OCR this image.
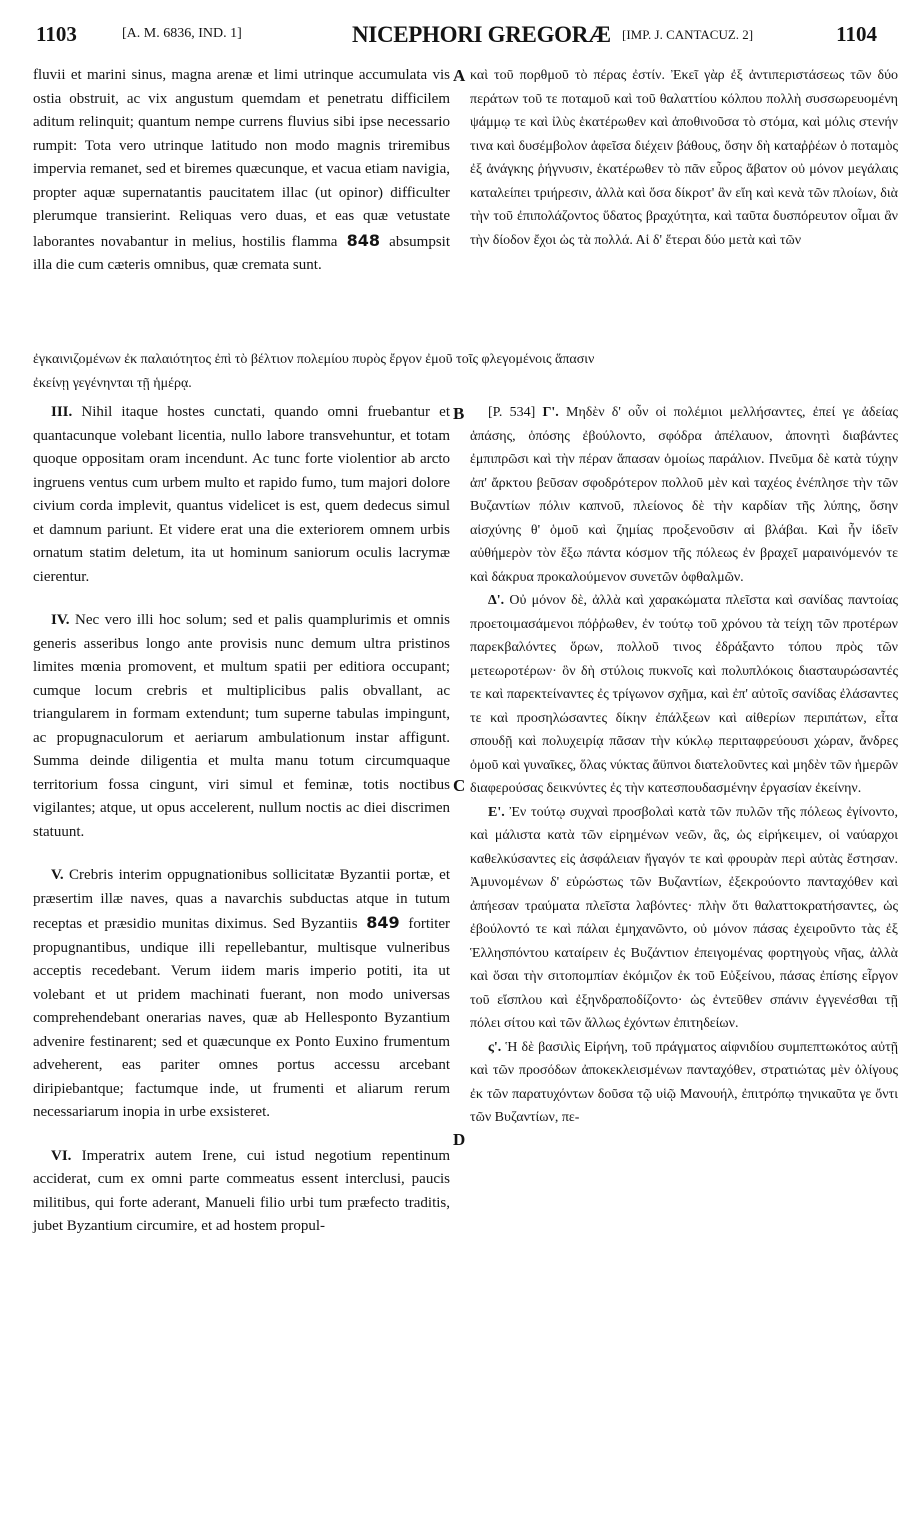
1103	[A. M. 6836, IND. 1]	NICEPHORI GREGORÆ [IMP. J. CANTACUZ. 2]	1104

fluvii et marini sinus, magna arenæ et limi utrinque accumulata vis ostia obstruit, ac vix angustum quemdam et penetratu difficilem aditum relinquit; quantum nempe currens fluvius sibi ipse necessario rumpit: Tota vero utrinque latitudo non modo magnis triremibus impervia remanet, sed et biremes quæcunque, et vacua etiam navigia, propter aquæ supernatantis paucitatem illac (ut opinor) difficulter plerumque transierint. Reliquas vero duas, et eas quæ vetustate laborantes novabantur in melius, hostilis flamma 848 absumpsit illa die cum cæteris omnibus, quæ cremata sunt.

καὶ τοῦ πορθμοῦ τὸ πέρας ἐστίν. Ἐκεῖ γὰρ ἐξ ἀντιπεριστάσεως τῶν δύο περάτων τοῦ τε ποταμοῦ καὶ τοῦ θαλαττίου κόλπου πολλὴ συσσωρευομένη ψάμμῳ τε καὶ ἰλὺς ἑκατέρωθεν καὶ ἀποθινοῦσα τὸ στόμα, καὶ μόλις στενήν τινα καὶ δυσέμβολον ἀφεῖσα διέχειν βάθους, ὅσην δὴ καταῤῥέων ὁ ποταμὸς ἐξ ἀνάγκης ῥήγνυσιν, ἑκατέρωθεν τὸ πᾶν εὖρος ἄβατον οὐ μόνον μεγάλαις καταλείπει τριήρεσιν, ἀλλὰ καὶ ὅσα δίκροτ' ἂν εἴη καὶ κενὰ τῶν πλοίων, διὰ τὴν τοῦ ἐπιπολάζοντος ὕδατος βραχύτητα, καὶ ταῦτα δυσπόρευτον οἶμαι ἂν τὴν δίοδον ἔχοι ὡς τὰ πολλά. Αἱ δ' ἕτεραι δύο μετὰ καὶ τῶν

ἐγκαινιζομένων ἐκ παλαιότητος ἐπὶ τὸ βέλτιον πολεμίου πυρὸς ἔργον ἐμοῦ τοῖς φλεγομένοις ἅπασιν
ἐκείνῃ γεγένηνται τῇ ἡμέρᾳ.

III. Nihil itaque hostes cunctati, quando omni fruebantur et quantacunque volebant licentia, nullo labore transvehuntur, et totam quoque oppositam oram incendunt. Ac tunc forte violentior ab arcto ingruens ventus cum urbem multo et rapido fumo, tum majori dolore civium corda implevit, quantus videlicet is est, quem dedecus simul et damnum pariunt. Et videre erat una die exteriorem omnem urbis ornatum statim deletum, ita ut hominum saniorum oculis lacrymæ cierentur.

IV. Nec vero illi hoc solum; sed et palis quamplurimis et omnis generis asseribus longo ante provisis nunc demum ultra pristinos limites mœnia promovent, et multum spatii per editiora occupant; cumque locum crebris et multiplicibus palis obvallant, ac triangularem in formam extendunt; tum superne tabulas impingunt, ac propugnaculorum et aeriarum ambulationum instar affigunt. Summa deinde diligentia et multa manu totum circumquaque territorium fossa cingunt, viri simul et feminæ, totis noctibus vigilantes; atque, ut opus accelerent, nullum noctis ac diei discrimen statuunt.

V. Crebris interim oppugnationibus sollicitatæ Byzantii portæ, et præsertim illæ naves, quas a navarchis subductas atque in tutum receptas et præsidio munitas diximus. Sed Byzantiis 849 fortiter propugnantibus, undique illi repellebantur, multisque vulneribus acceptis recedebant. Verum iidem maris imperio potiti, ita ut volebant et ut pridem machinati fuerant, non modo universas comprehendebant onerarias naves, quæ ab Hellesponto Byzantium advenire festinarent; sed et quæcunque ex Ponto Euxino frumentum adveherent, eas pariter omnes portus accessu arcebant diripiebantque; factumque inde, ut frumenti et aliarum rerum necessariarum inopia in urbe exsisteret.

VI. Imperatrix autem Irene, cui istud negotium repentinum acciderat, cum ex omni parte commeatus essent interclusi, paucis militibus, qui forte aderant, Manueli filio urbi tum præfecto traditis, jubet Byzantium circumire, et ad hostem propul-

[P. 534] Γ'. Μηδὲν δ' οὖν οἱ πολέμιοι μελλήσαντες, ἐπεί γε ἀδείας ἁπάσης, ὁπόσης ἐβούλοντο, σφόδρα ἀπέλαυον, ἀπονητὶ διαβάντες ἐμπιπρῶσι καὶ τὴν πέραν ἅπασαν ὁμοίως παράλιον. Πνεῦμα δὲ κατὰ τύχην ἀπ' ἄρκτου βεῦσαν σφοδρότερον πολλοῦ μὲν καὶ ταχέος ἐνέπλησε τὴν τῶν Βυζαντίων πόλιν καπνοῦ, πλείονος δὲ τὴν καρδίαν τῆς λύπης, ὅσην αἰσχύνης θ' ὁμοῦ καὶ ζημίας προξενοῦσιν αἱ βλάβαι. Καὶ ἦν ἰδεῖν αὐθήμερὸν τὸν ἔξω πάντα κόσμον τῆς πόλεως ἐν βραχεῖ μαραινόμενόν τε καὶ δάκρυα προκαλούμενον συνετῶν ὀφθαλμῶν.

Δ'. Οὐ μόνον δὲ, ἀλλὰ καὶ χαρακώματα πλεῖστα καὶ σανίδας παντοίας προετοιμασάμενοι πόῤῥωθεν, ἐν τούτῳ τοῦ χρόνου τὰ τείχη τῶν προτέρων παρεκβαλόντες ὅρων, πολλοῦ τινος ἐδράξαντο τόπου πρὸς τῶν μετεωροτέρων· ὃν δὴ στύλοις πυκνοῖς καὶ πολυπλόκοις διασταυρώσαντές τε καὶ παρεκτείναντες ἐς τρίγωνον σχῆμα, καὶ ἐπ' αὐτοῖς σανίδας ἐλάσαντες τε καὶ προσηλώσαντες δίκην ἐπάλξεων καὶ αἰθερίων περιπάτων, εἶτα σπουδῇ καὶ πολυχειρίᾳ πᾶσαν τὴν κύκλῳ περιταφρεύουσι χώραν, ἄνδρες ὁμοῦ καὶ γυναῖκες, ὅλας νύκτας ἄϋπνοι διατελοῦντες καὶ μηδὲν τῶν ἡμερῶν διαφερούσας δεικνύντες ἐς τὴν κατεσπουδασμένην ἐργασίαν ἐκείνην.

Ε'. Ἐν τούτῳ συχναὶ προσβολαὶ κατὰ τῶν πυλῶν τῆς πόλεως ἐγίνοντο, καὶ μάλιστα κατὰ τῶν εἰρημένων νεῶν, ἃς, ὡς εἰρήκειμεν, οἱ ναύαρχοι καθελκύσαντες εἰς ἀσφάλειαν ἤγαγόν τε καὶ φρουρὰν περὶ αὐτὰς ἔστησαν. Ἀμυνομένων δ' εὐρώστως τῶν Βυζαντίων, ἐξεκρούοντο πανταχόθεν καὶ ἀπήεσαν τραύματα πλεῖστα λαβόντες· πλὴν ὅτι θαλαττοκρατήσαντες, ὡς ἐβούλοντό τε καὶ πάλαι ἐμηχανῶντο, οὐ μόνον πάσας ἐχειροῦντο τὰς ἐξ Ἑλλησπόντου καταίρειν ἐς Βυζάντιον ἐπειγομένας φορτηγοὺς νῆας, ἀλλὰ καὶ ὅσαι τὴν σιτοπομπίαν ἐκόμιζον ἐκ τοῦ Εὐξείνου, πάσας ἐπίσης εἶργον τοῦ εἴσπλου καὶ ἐξηνδραποδίζοντο· ὡς ἐντεῦθεν σπάνιν ἐγγενέσθαι τῇ πόλει σίτου καὶ τῶν ἄλλως ἐχόντων ἐπιτηδείων.

ς'. Ἡ δὲ βασιλὶς Εἰρήνη, τοῦ πράγματος αἰφνιδίου συμπεπτωκότος αὐτῇ καὶ τῶν προσόδων ἀποκεκλεισμένων πανταχόθεν, στρατιώτας μὲν ὀλίγους ἐκ τῶν παρατυχόντων δοῦσα τῷ υἱῷ Μανουήλ, ἐπιτρόπῳ τηνικαῦτα γε ὄντι τῶν Βυζαντίων, πε-

A
B
C
D
